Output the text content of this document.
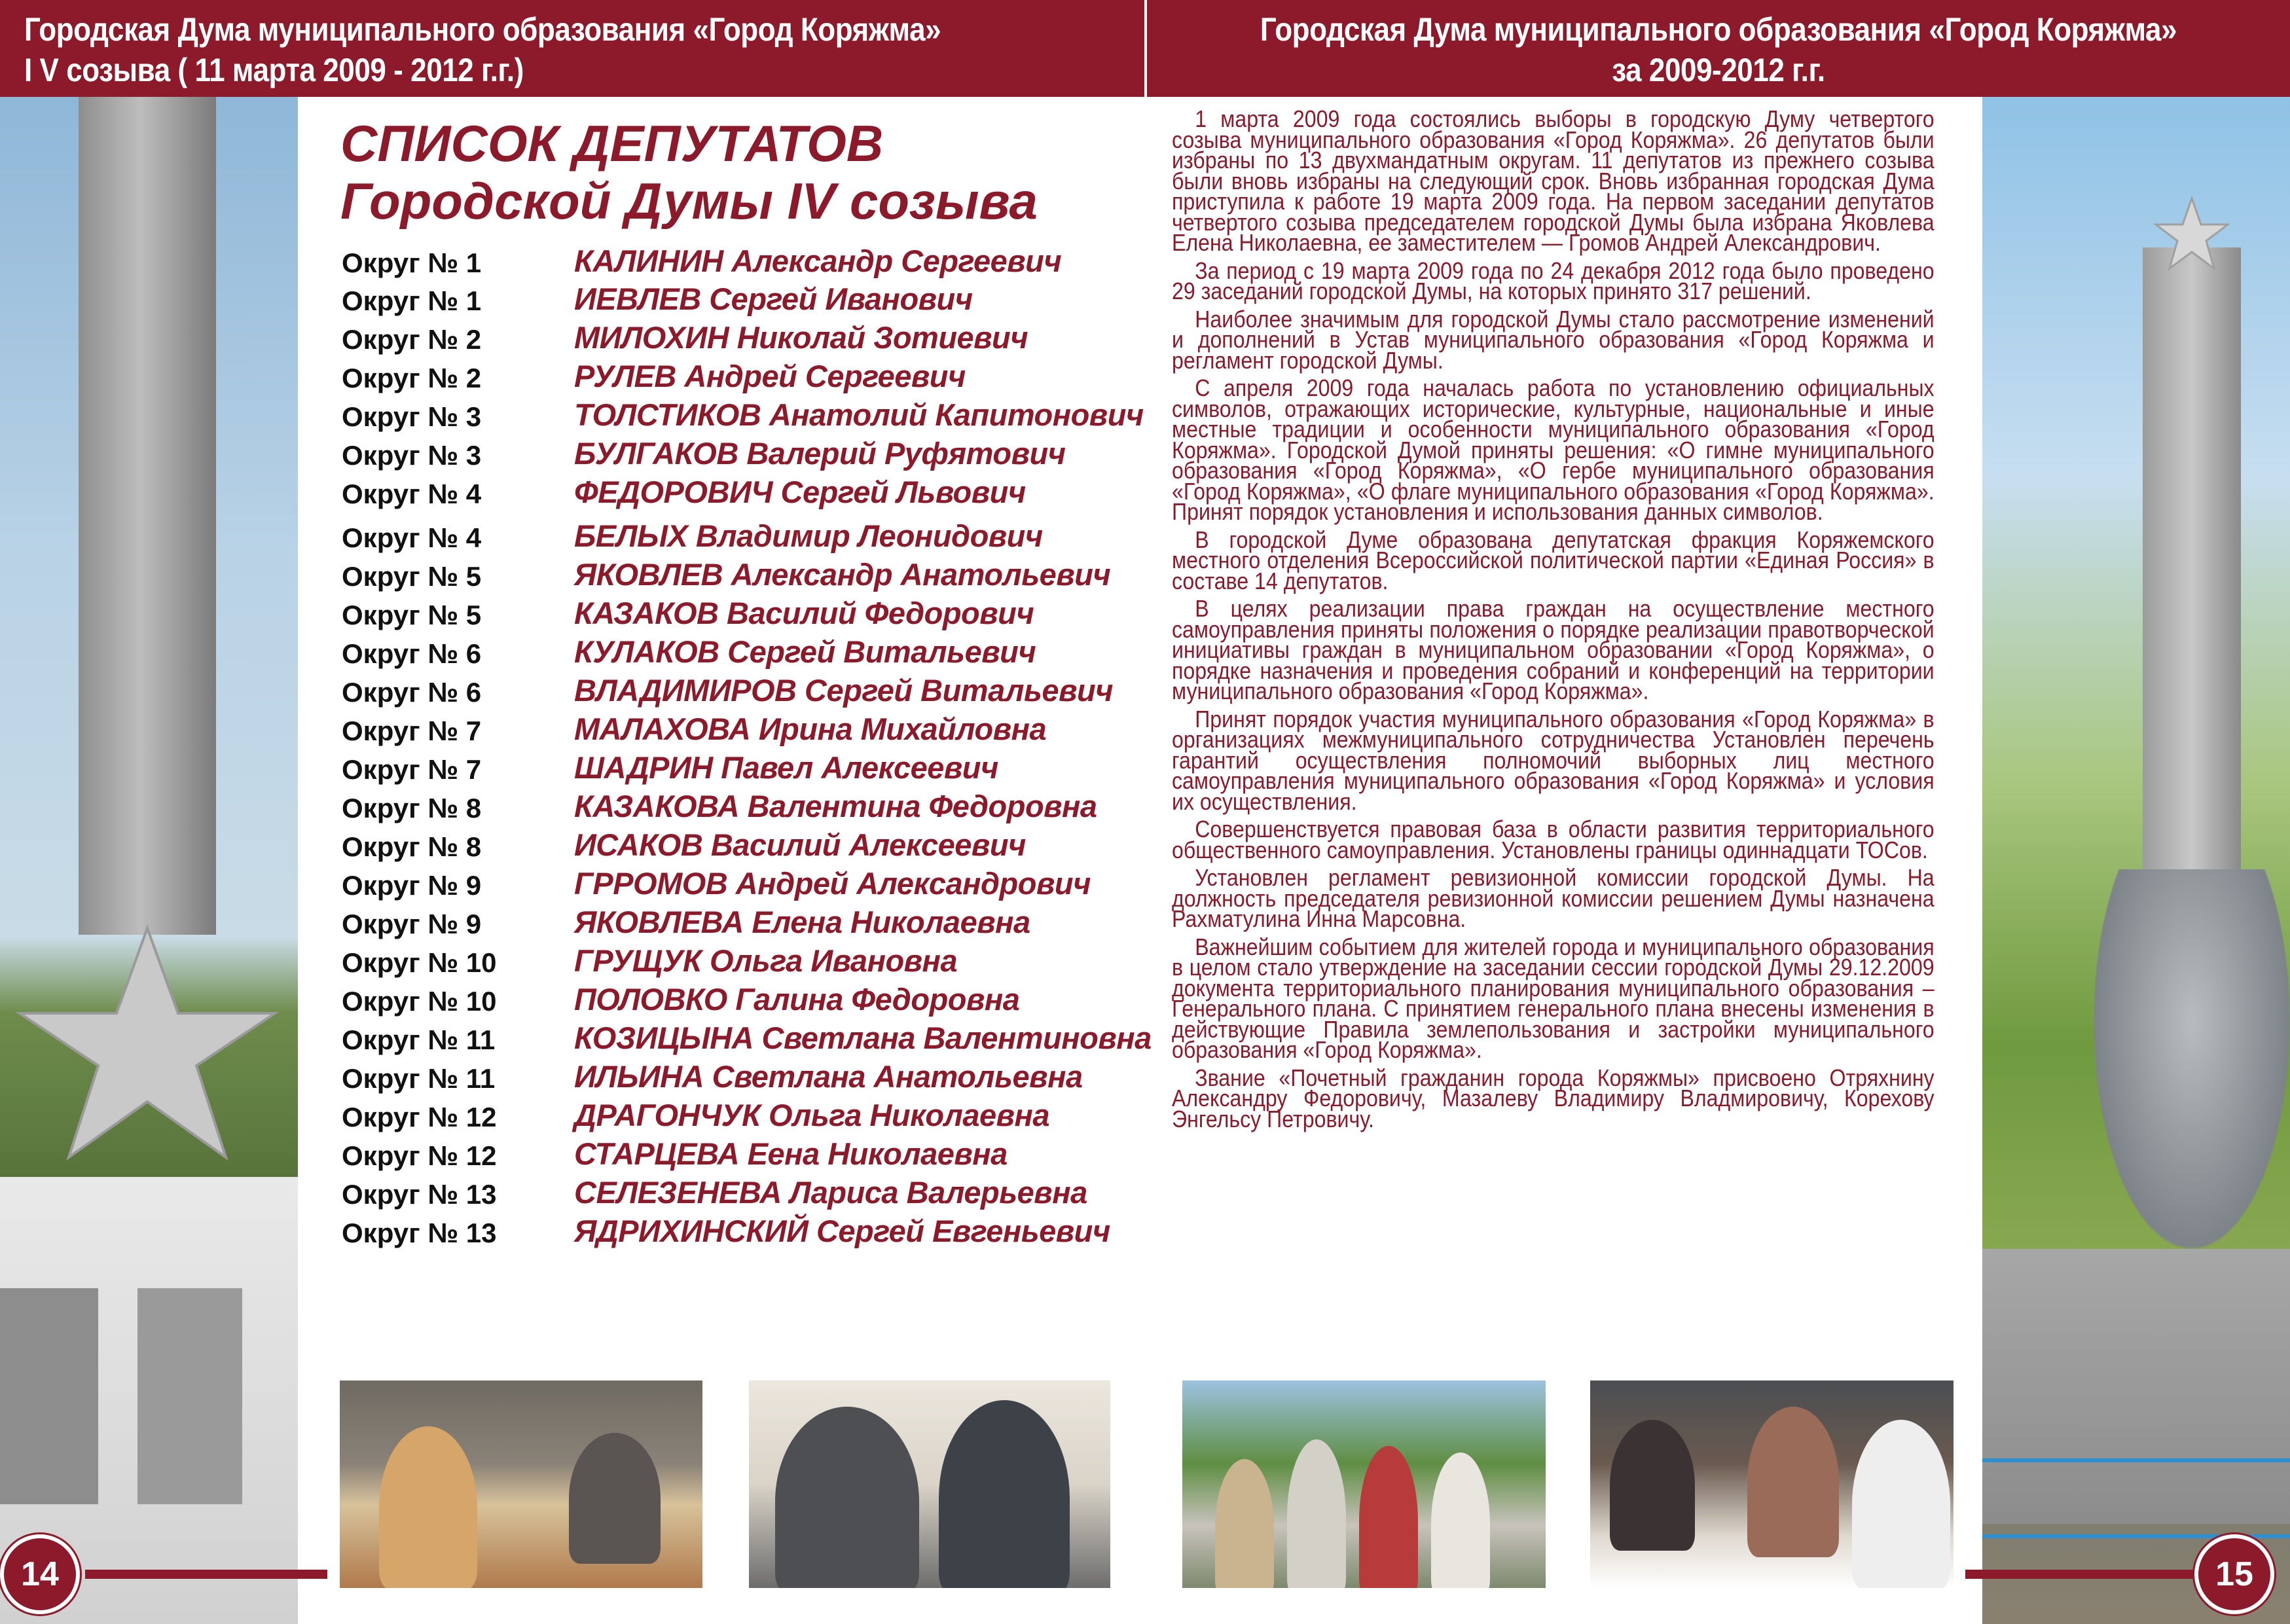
Городская Дума муниципального образования «Город Коряжма»
I V созыва ( 11 марта 2009 - 2012 г.г.)
Городская Дума муниципального образования «Город Коряжма»
за 2009-2012 г.г.
СПИСОК ДЕПУТАТОВ
Городской Думы IV созыва
Округ № 1	КАЛИНИН Александр Сергеевич
Округ № 1	ИЕВЛЕВ Сергей Иванович
Округ № 2	МИЛОХИН Николай Зотиевич
Округ № 2	РУЛЕВ Андрей Сергеевич
Округ № 3	ТОЛСТИКОВ Анатолий Капитонович
Округ № 3	БУЛГАКОВ Валерий Руфятович
Округ № 4	ФЕДОРОВИЧ Сергей Львович
Округ № 4	БЕЛЫХ Владимир Леонидович
Округ № 5	ЯКОВЛЕВ Александр Анатольевич
Округ № 5	КАЗАКОВ Василий Федорович
Округ № 6	КУЛАКОВ Сергей Витальевич
Округ № 6	ВЛАДИМИРОВ Сергей Витальевич
Округ № 7	МАЛАХОВА Ирина Михайловна
Округ № 7	ШАДРИН Павел Алексеевич
Округ № 8	КАЗАКОВА Валентина Федоровна
Округ № 8	ИСАКОВ Василий Алексеевич
Округ № 9	ГРРОМОВ Андрей Александрович
Округ № 9	ЯКОВЛЕВА Елена Николаевна
Округ № 10	ГРУЩУК Ольга Ивановна
Округ № 10	ПОЛОВКО Галина Федоровна
Округ № 11	КОЗИЦЫНА Светлана Валентиновна
Округ № 11	ИЛЬИНА Светлана Анатольевна
Округ № 12	ДРАГОНЧУК Ольга Николаевна
Округ № 12	СТАРЦЕВА Еена Николаевна
Округ № 13	СЕЛЕЗЕНЕВА Лариса Валерьевна
Округ № 13	ЯДРИХИНСКИЙ Сергей Евгеньевич

1 марта 2009 года состоялись выборы в городскую Думу четвертого созыва муниципального образования «Город Коряжма». 26 депутатов были избраны по 13 двухмандатным округам. 11 депутатов из прежнего созыва были вновь избраны на следующий срок. Вновь избранная городская Дума приступила к работе 19 марта 2009 года. На первом заседании депутатов четвертого созыва председателем городской Думы была избрана Яковлева Елена Николаевна, ее заместителем — Громов Андрей Александрович.

За период с 19 марта 2009 года по 24 декабря 2012 года было проведено 29 заседаний городской Думы, на которых принято 317 решений.

Наиболее значимым для городской Думы стало рассмотрение изменений и дополнений в Устав муниципального образования «Город Коряжма и регламент городской Думы.

С апреля 2009 года началась работа по установлению официальных символов, отражающих исторические, культурные, национальные и иные местные традиции и особенности муниципального образования «Город Коряжма». Городской Думой приняты решения: «О гимне муниципального образования «Город Коряжма», «О гербе муниципального образования «Город Коряжма», «О флаге муниципального образования «Город Коряжма». Принят порядок установления и использования данных символов.

В городской Думе образована депутатская фракция Коряжемского местного отделения Всероссийской политической партии «Единая Россия» в составе 14 депутатов.

В целях реализации права граждан на осуществление местного самоуправления приняты положения о порядке реализации правотворческой инициативы граждан в муниципальном образовании «Город Коряжма», о порядке назначения и проведения собраний и конференций на территории муниципального образования «Город Коряжма».

Принят порядок участия муниципального образования «Город Коряжма» в организациях межмуниципального сотрудничества Установлен перечень гарантий осуществления полномочий выборных лиц местного самоуправления муниципального образования «Город Коряжма» и условия их осуществления.

Совершенствуется правовая база в области развития территориального общественного самоуправления. Установлены границы одиннадцати ТОСов.

Установлен регламент ревизионной комиссии городской Думы. На должность председателя ревизионной комиссии решением Думы назначена Рахматулина Инна Марсовна.

Важнейшим событием для жителей города и муниципального образования в целом стало утверждение на заседании сессии городской Думы 29.12.2009 документа территориального планирования муниципального образования – Генерального плана. С принятием генерального плана внесены изменения в действующие Правила землепользования и застройки муниципального образования «Город Коряжма».

Звание «Почетный гражданин города Коряжмы» присвоено Отряхнину Александру Федоровичу, Мазалеву Владимиру Владмировичу, Корехову Энгельсу Петровичу.

14	15
